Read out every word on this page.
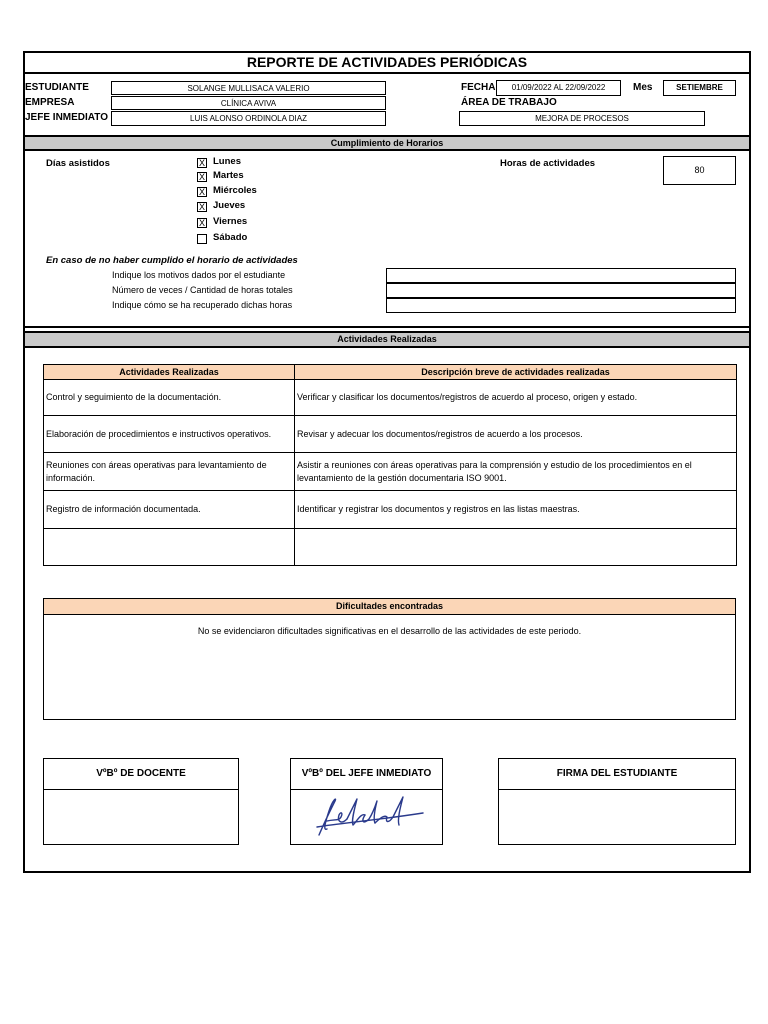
REPORTE DE ACTIVIDADES PERIÓDICAS
ESTUDIANTE	SOLANGE MULLISACA VALERIO
EMPRESA	CLÍNICA AVIVA
JEFE INMEDIATO	LUIS ALONSO ORDINOLA DIAZ
FECHA	01/09/2022 AL 22/09/2022	Mes	SETIEMBRE
ÁREA DE TRABAJO
MEJORA DE PROCESOS
Cumplimiento de Horarios
Días asistidos	X Lunes
X Martes
X Miércoles
X Jueves
X Viernes
Sábado
Horas de actividades
80
En caso de no haber cumplido el horario de actividades
Indique los motivos dados por el estudiante
Número de veces / Cantidad de horas totales
Indique cómo se ha recuperado dichas horas
Actividades Realizadas
Actividades Realizadas	Descripción breve de actividades realizadas
Control y seguimiento de la documentación.	Verificar y clasificar los documentos/registros de acuerdo al proceso, origen y estado.
Elaboración de procedimientos e instructivos operativos.	Revisar y adecuar los documentos/registros de acuerdo a los procesos.
Reuniones con áreas operativas para levantamiento de información.	Asistir a reuniones con áreas operativas para la comprensión y estudio de los procedimientos en el levantamiento de la gestión documentaria ISO 9001.
Registro de información documentada.	Identificar y registrar los documentos y registros en las listas maestras.

Dificultades encontradas
No se evidenciaron dificultades significativas en el desarrollo de las actividades de este periodo.
VºBº DE DOCENTE	VºBº DEL JEFE INMEDIATO	FIRMA DEL ESTUDIANTE
